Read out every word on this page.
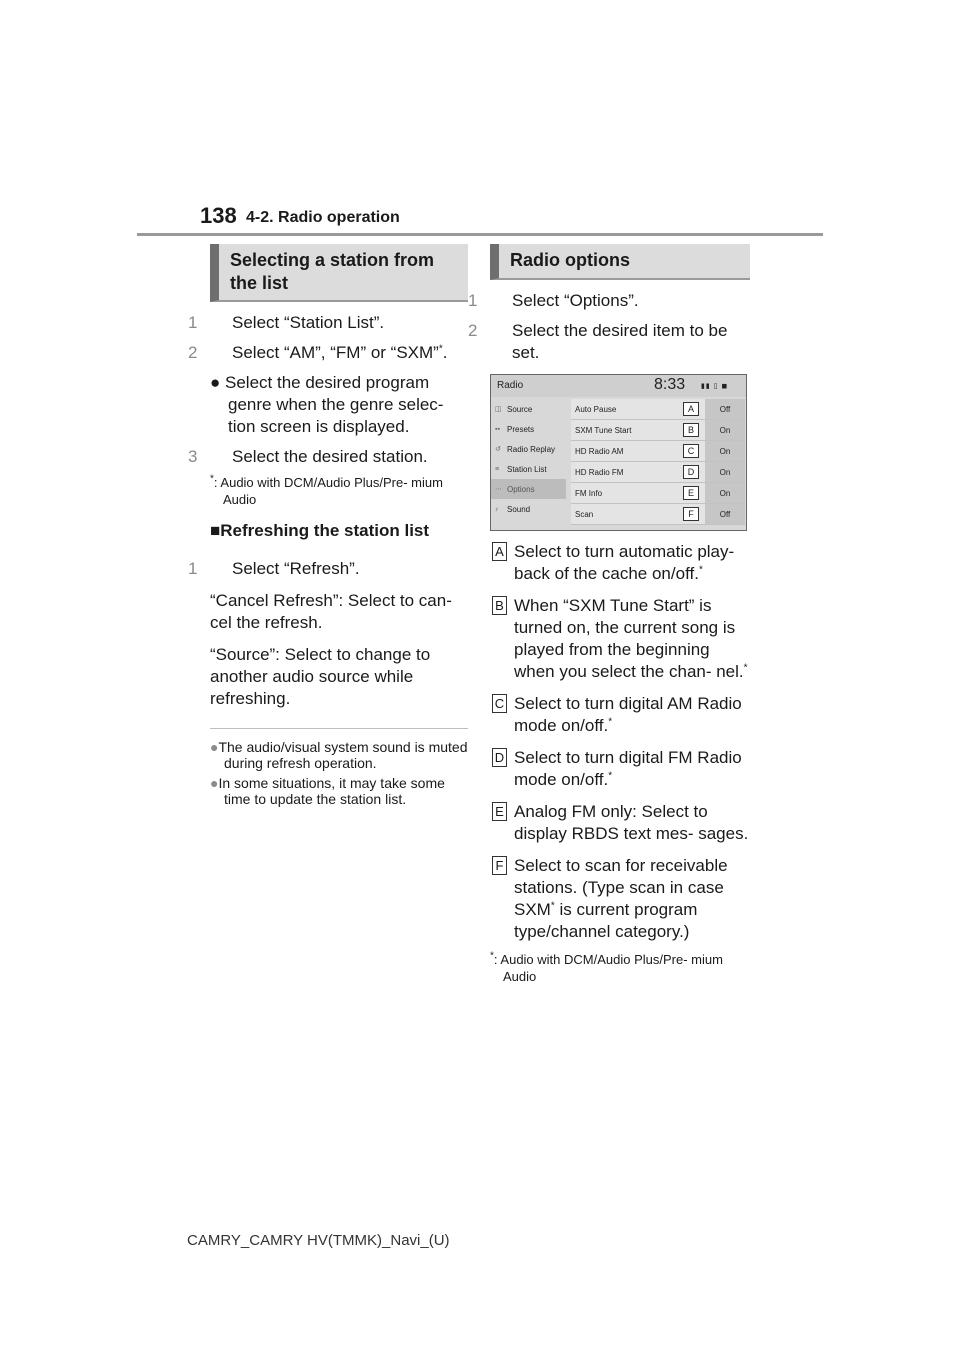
138 4-2. Radio operation
Selecting a station from the list

1 Select “Station List”.

2 Select “AM”, “FM” or “SXM”*.

● Select the desired program genre when the genre selec- tion screen is displayed.

3 Select the desired station.

*: Audio with DCM/Audio Plus/Pre- mium Audio

■Refreshing the station list

1 Select “Refresh”.

“Cancel Refresh”: Select to can- cel the refresh.

“Source”: Select to change to another audio source while refreshing.

●The audio/visual system sound is muted during refresh operation.
●In some situations, it may take some time to update the station list.
Radio options

1 Select “Options”.

2 Select the desired item to be set.

Radio	8:33 ▮▮ ▯ ◼
◫ Source
▪▪ Presets
↺ Radio Replay
≡ Station List
⋯ Options
♪	Sound
Auto Pause	A	Off
SXM Tune Start	B	On
HD Radio AM	C	On
HD Radio FM	D	On
FM Info	E	On
Scan	F	Off
A Select to turn automatic play- back of the cache on/off.*
B When “SXM Tune Start” is turned on, the current song is played from the beginning when you select the chan- nel.*
C Select to turn digital AM Radio mode on/off.*
D Select to turn digital FM Radio mode on/off.*
E Analog FM only: Select to display RBDS text mes- sages.
F Select to scan for receivable stations. (Type scan in case SXM* is current program type/channel category.)

*: Audio with DCM/Audio Plus/Pre- mium Audio

CAMRY_CAMRY HV(TMMK)_Navi_(U)
